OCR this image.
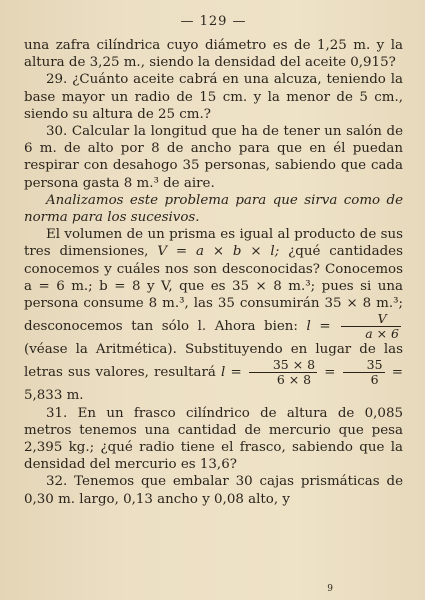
— 129 —

una zafra cilíndrica cuyo diámetro es de 1,25 m. y la altura de 3,25 m., siendo la densidad del aceite 0,915?

29. ¿Cuánto aceite cabrá en una alcuza, teniendo la base mayor un radio de 15 cm. y la menor de 5 cm., siendo su altura de 25 cm.?

30. Calcular la longitud que ha de tener un salón de 6 m. de alto por 8 de ancho para que en él puedan respirar con desahogo 35 personas, sabiendo que cada persona gasta 8 m.³ de aire.

Analizamos este problema para que sirva como de norma para los sucesivos.

El volumen de un prisma es igual al producto de sus tres dimensiones, V = a × b × l; ¿qué cantidades conocemos y cuáles nos son desconocidas? Conocemos a = 6 m.; b = 8 y V, que es 35 × 8 m.³; pues si una persona consume 8 m.³, las 35 consumirán 35 × 8 m.³; desconocemos tan sólo l. Ahora bien: $l = \frac{V}{a \times 6}$
(véase la Aritmética). Substituyendo en lugar de las letras sus valores, resultará $l = \frac{35 \times 8}{6 \times 8} = \frac{35}{6} = 5,833$ m.

31. En un frasco cilíndrico de altura de 0,085 metros tenemos una cantidad de mercurio que pesa 2,395 kg.; ¿qué radio tiene el frasco, sabiendo que la densidad del mercurio es 13,6?

32. Tenemos que embalar 30 cajas prismáticas de 0,30 m. largo, 0,13 ancho y 0,08 alto, y

9
